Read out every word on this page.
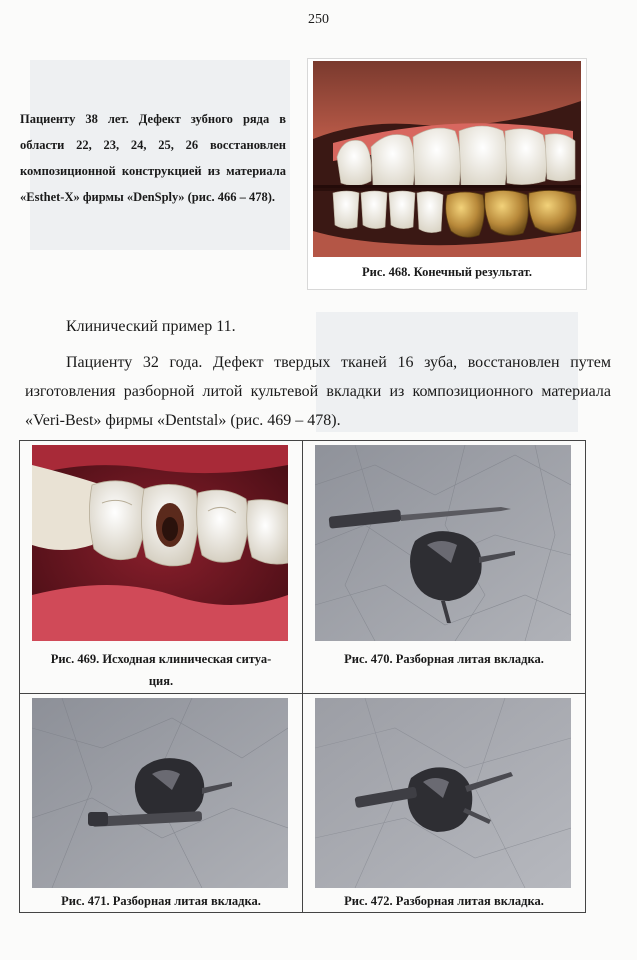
250
Пациенту 38 лет. Дефект зубного ряда в области 22, 23, 24, 25, 26 восстановлен композиционной конструкцией из материала «Esthet-X» фирмы «DenSply» (рис. 466 – 478).
Рис. 468. Конечный результат.
Клинический пример 11.
Пациенту 32 года. Дефект твердых тканей 16 зуба, восстановлен путем изготовления разборной литой культевой вкладки из композиционного материала «Veri-Best» фирмы «Dentstal» (рис. 469 – 478).
Рис. 469. Исходная клиническая ситуа-
ция.
Рис. 470. Разборная литая вкладка.
Рис. 471. Разборная литая вкладка.	Рис. 472. Разборная литая вкладка.
